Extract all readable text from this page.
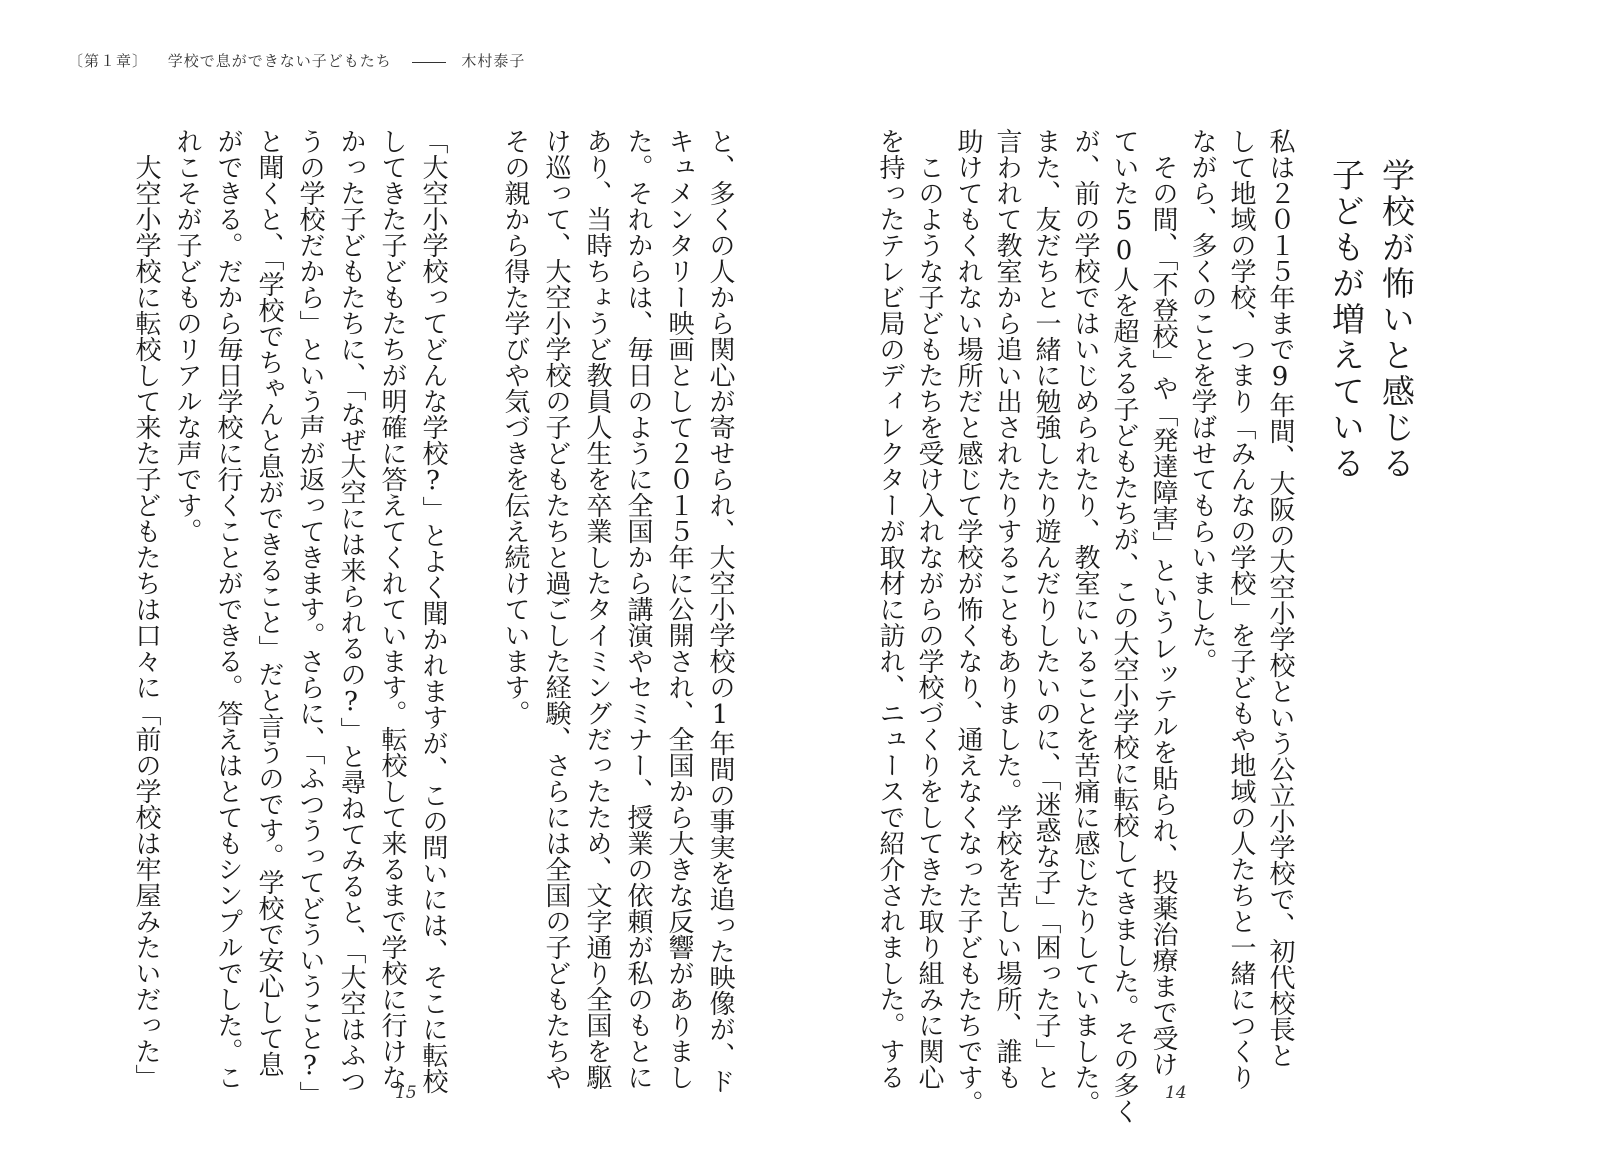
〔第１章〕 学校で息ができない子どもたち	木村泰子
と、多くの人から関心が寄せられ、大空小学校の1年間の事実を追った映像が、ド
キュメンタリー映画として２０１５年に公開され、全国から大きな反響がありまし
た。それからは、毎日のように全国から講演やセミナー、授業の依頼が私のもとに
あり、当時ちょうど教員人生を卒業したタイミングだったため、文字通り全国を駆
け巡って、大空小学校の子どもたちと過ごした経験、さらには全国の子どもたちや
その親から得た学びや気づきを伝え続けています。
「大空小学校ってどんな学校?」とよく聞かれますが、この問いには、そこに転校
してきた子どもたちが明確に答えてくれています。転校して来るまで学校に行けな
かった子どもたちに、「なぜ大空には来られるの?」と尋ねてみると、「大空はふつ
うの学校だから」という声が返ってきます。さらに、「ふつうってどういうこと?」
と聞くと、「学校でちゃんと息ができること」だと言うのです。学校で安心して息
ができる。だから毎日学校に行くことができる。答えはとてもシンプルでした。こ
れこそが子どものリアルな声です。
　大空小学校に転校して来た子どもたちは口々に「前の学校は牢屋みたいだった」
15
学校が怖いと感じる
子どもが増えている
私は２０１５年まで9年間、大阪の大空小学校という公立小学校で、初代校長と
して地域の学校、つまり「みんなの学校」を子どもや地域の人たちと一緒につくり
ながら、多くのことを学ばせてもらいました。
　その間、「不登校」や「発達障害」というレッテルを貼られ、投薬治療まで受け
ていた50人を超える子どもたちが、この大空小学校に転校してきました。その多く
が、前の学校ではいじめられたり、教室にいることを苦痛に感じたりしていました。
また、友だちと一緒に勉強したり遊んだりしたいのに、「迷惑な子」「困った子」と
言われて教室から追い出されたりすることもありました。学校を苦しい場所、誰も
助けてもくれない場所だと感じて学校が怖くなり、通えなくなった子どもたちです。
　このような子どもたちを受け入れながらの学校づくりをしてきた取り組みに関心
を持ったテレビ局のディレクターが取材に訪れ、ニュースで紹介されました。する
14
